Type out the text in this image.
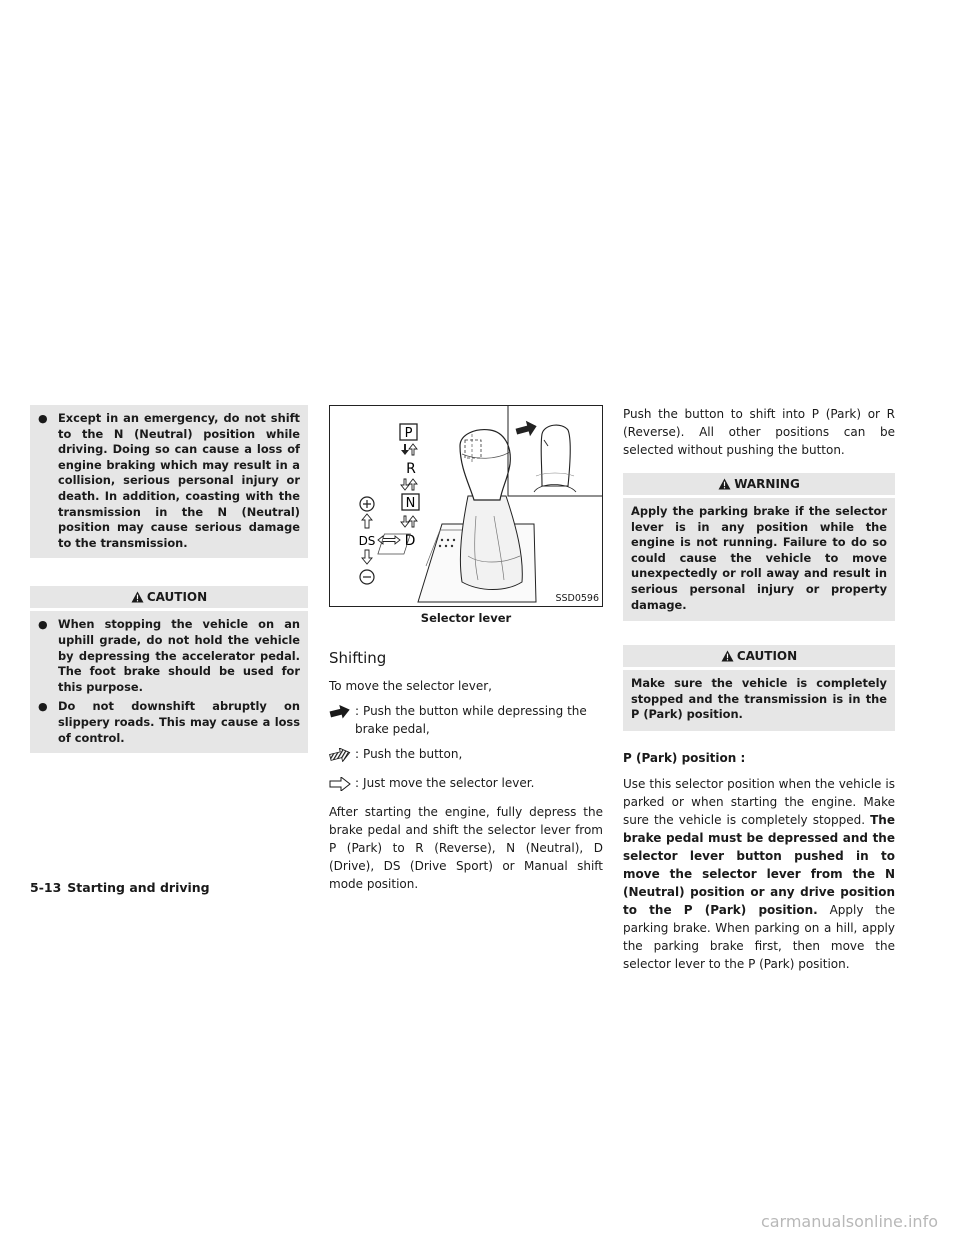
● Except in an emergency, do not shift to the N (Neutral) position while driving. Doing so can cause a loss of engine braking which may result in a collision, serious personal injury or death. In addition, coasting with the transmission in the N (Neutral) position may cause serious damage to the transmission.
CAUTION
● When stopping the vehicle on an uphill grade, do not hold the vehicle by depressing the accelerator pedal. The foot brake should be used for this purpose.
● Do not downshift abruptly on slippery roads. This may cause a loss of control.
P
R
N
D
DS
SSD0596
Selector lever
Shifting

To move the selector lever,

: Push the button while depressing the brake pedal,
: Push the button,
: Just move the selector lever.

After starting the engine, fully depress the brake pedal and shift the selector lever from P (Park) to R (Reverse), N (Neutral), D (Drive), DS (Drive Sport) or Manual shift mode position.

Push the button to shift into P (Park) or R (Reverse). All other positions can be selected without pushing the button.

WARNING
Apply the parking brake if the selector lever is in any position while the engine is not running. Failure to do so could cause the vehicle to move unexpectedly or roll away and result in serious personal injury or property damage.
CAUTION
Make sure the vehicle is completely stopped and the transmission is in the P (Park) position.

P (Park) position :

Use this selector position when the vehicle is parked or when starting the engine. Make sure the vehicle is completely stopped. The brake pedal must be depressed and the selector lever button pushed in to move the selector lever from the N (Neutral) position or any drive position to the P (Park) position. Apply the parking brake. When parking on a hill, apply the parking brake first, then move the selector lever to the P (Park) position.

5-13 Starting and driving
carmanualsonline.info
